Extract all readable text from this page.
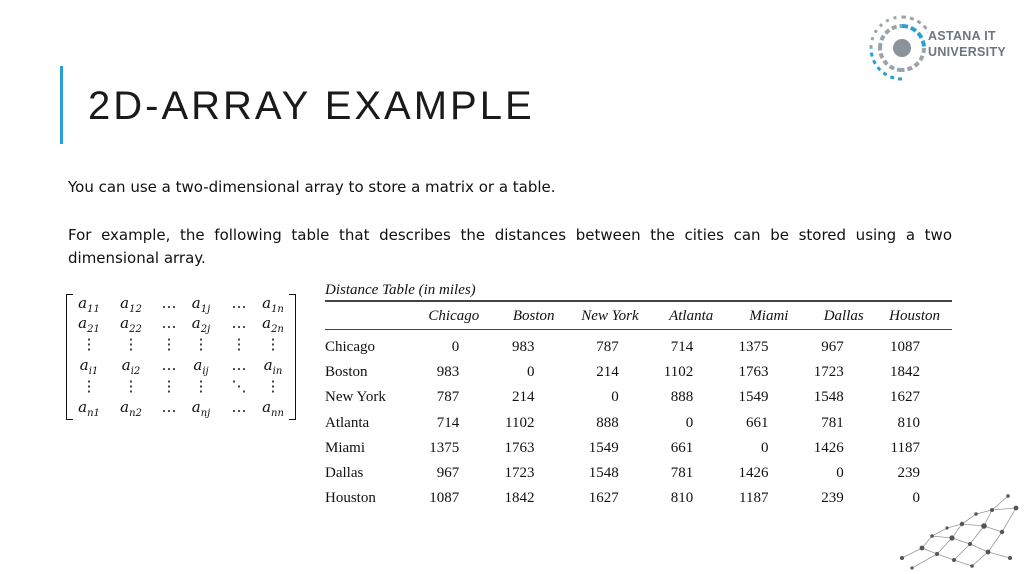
2D-ARRAY EXAMPLE
ASTANA IT
UNIVERSITY
You can use a two-dimensional array to store a matrix or a table.
For example, the following table that describes the distances between the cities can be stored using a two dimensional array.
$a_{11}$	$a_{12}$	…	$a_{1j}$	…	$a_{1n}$
$a_{21}$	$a_{22}$	…	$a_{2j}$	…	$a_{2n}$
⋮	⋮	⋮	⋮	⋮	⋮
$a_{i1}$	$a_{i2}$	…	$a_{ij}$	…	$a_{in}$
⋮	⋮	⋮	⋮	⋱	⋮
$a_{n1}$	$a_{n2}$	…	$a_{nj}$	…	$a_{nn}$
Distance Table (in miles)
	Chicago	Boston	New York	Atlanta	Miami	Dallas	Houston
Chicago	0	983	787	714	1375	967	1087
Boston	983	0	214	1102	1763	1723	1842
New York	787	214	0	888	1549	1548	1627
Atlanta	714	1102	888	0	661	781	810
Miami	1375	1763	1549	661	0	1426	1187
Dallas	967	1723	1548	781	1426	0	239
Houston	1087	1842	1627	810	1187	239	0
